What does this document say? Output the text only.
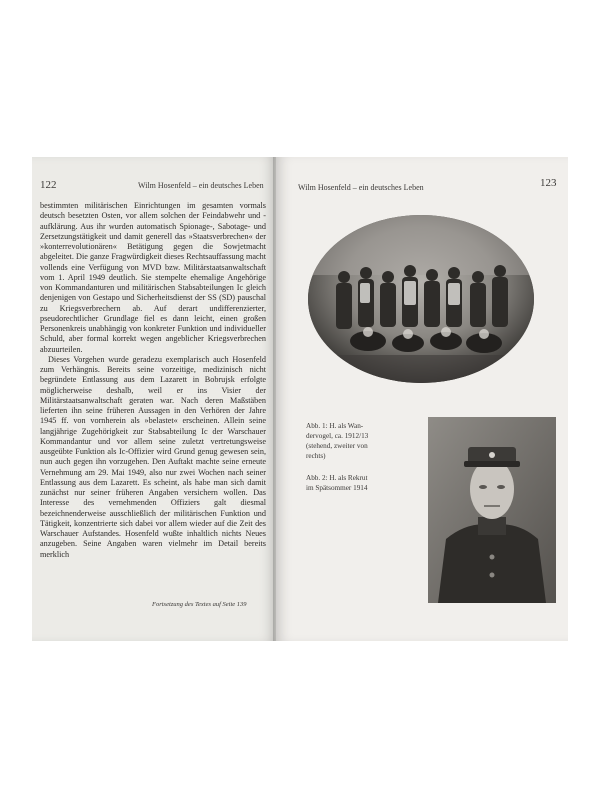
122	Wilm Hosenfeld – ein deutsches Leben

bestimmten militärischen Einrichtungen im gesamten vormals deutsch besetzten Osten, vor allem solchen der Feindabwehr und -aufklärung. Aus ihr wurden automatisch Spionage-, Sabotage- und Zersetzungstätigkeit und damit generell das »Staatsverbrechen« der »konterrevolutionären« Betätigung gegen die Sowjetmacht abgeleitet. Die ganze Fragwürdigkeit dieses Rechtsauffassung macht vollends eine Verfügung von MVD bzw. Militärstaatsanwaltschaft vom 1. April 1949 deutlich. Sie stempelte ehemalige Angehörige von Kommandanturen und militärischen Stabsabteilungen Ic gleich denjenigen von Gestapo und Sicherheitsdienst der SS (SD) pauschal zu Kriegsverbrechern ab. Auf derart undifferenzierter, pseudorechtlicher Grundlage fiel es dann leicht, einen großen Personenkreis unabhängig von konkreter Funktion und individueller Schuld, aber formal korrekt wegen angeblicher Kriegsverbrechen abzuurteilen.

Dieses Vorgehen wurde geradezu exemplarisch auch Hosenfeld zum Verhängnis. Bereits seine vorzeitige, medizinisch nicht begründete Entlassung aus dem Lazarett in Bobrujsk erfolgte möglicherweise deshalb, weil er ins Visier der Militärstaatsanwaltschaft geraten war. Nach deren Maßstäben lieferten ihn seine früheren Aussagen in den Verhören der Jahre 1945 ff. von vornherein als »belastet« erscheinen. Allein seine langjährige Zugehörigkeit zur Stabsabteilung Ic der Warschauer Kommandantur und vor allem seine zuletzt vertretungsweise ausgeübte Funktion als Ic-Offizier wird Grund genug gewesen sein, nun auch gegen ihn vorzugehen. Den Auftakt machte seine erneute Vernehmung am 29. Mai 1949, also nur zwei Wochen nach seiner Entlassung aus dem Lazarett. Es scheint, als habe man sich damit zunächst nur seiner früheren Angaben versichern wollen. Das Interesse des vernehmenden Offiziers galt diesmal bezeichnenderweise ausschließlich der militärischen Funktion und Tätigkeit, konzentrierte sich dabei vor allem wieder auf die Zeit des Warschauer Aufstandes. Hosenfeld wußte inhaltlich nichts Neues anzugeben. Seine Angaben waren vielmehr im Detail bereits merklich

Fortsetzung des Textes auf Seite 139
Wilm Hosenfeld – ein deutsches Leben	123
Abb. 1: H. als Wan-
dervogel, ca. 1912/13
(stehend, zweiter von
rechts)
Abb. 2: H. als Rekrut
im Spätsommer 1914
